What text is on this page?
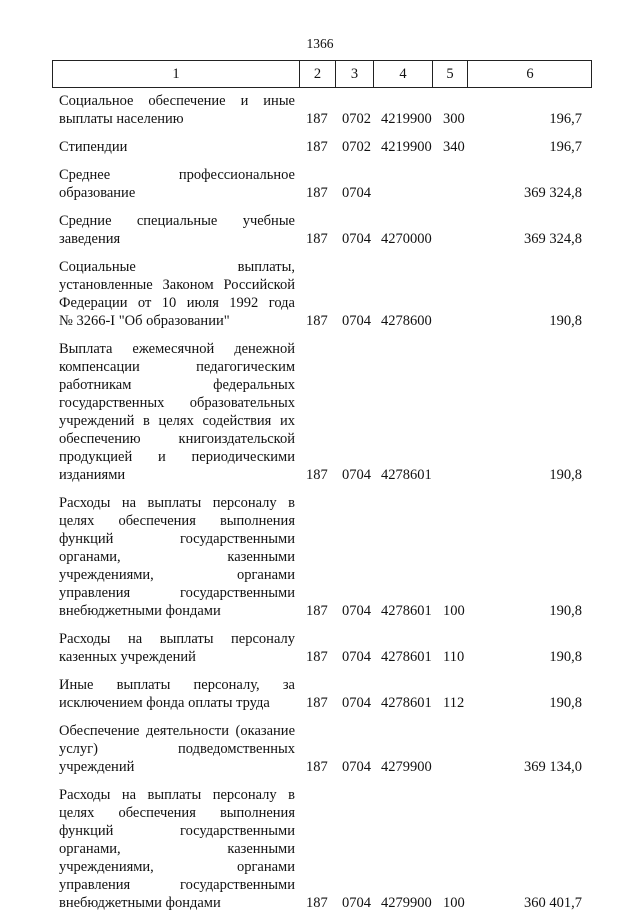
1366
1	2	3	4	5	6
Социальное обеспечение и иные
выплаты населению	187 0702 4219900 300	196,7
Стипендии	187 0702 4219900 340	196,7
Среднее профессиональное
образование	187 0704	369 324,8
Средние специальные учебные
заведения	187 0704 4270000	369 324,8
Социальные выплаты,
установленные Законом Российской
Федерации от 10 июля 1992 года
№ 3266-I "Об образовании"	187 0704 4278600	190,8
Выплата ежемесячной денежной
компенсации педагогическим
работникам федеральных
государственных образовательных
учреждений в целях содействия их
обеспечению книгоиздательской
продукцией и периодическими
изданиями	187 0704 4278601	190,8
Расходы на выплаты персоналу в
целях обеспечения выполнения
функций государственными
органами, казенными
учреждениями, органами
управления государственными
внебюджетными фондами	187 0704 4278601 100	190,8
Расходы на выплаты персоналу
казенных учреждений	187 0704 4278601 110	190,8
Иные выплаты персоналу, за
исключением фонда оплаты труда	187 0704 4278601 112	190,8
Обеспечение деятельности (оказание
услуг) подведомственных
учреждений	187 0704 4279900	369 134,0
Расходы на выплаты персоналу в
целях обеспечения выполнения
функций государственными
органами, казенными
учреждениями, органами
управления государственными
внебюджетными фондами	187 0704 4279900 100	360 401,7
